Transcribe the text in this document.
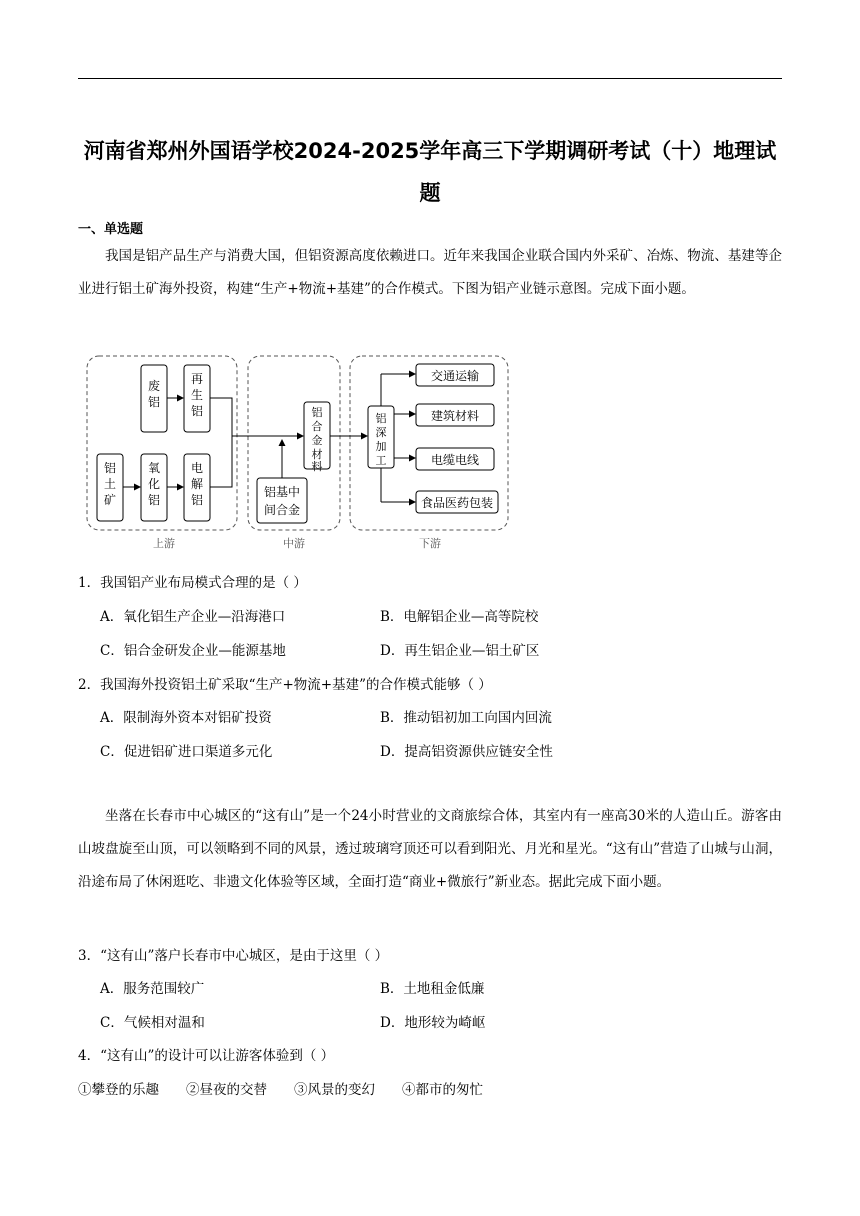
河南省郑州外国语学校2024-2025学年高三下学期调研考试（十）地理试题
一、单选题
我国是铝产品生产与消费大国，但铝资源高度依赖进口。近年来我国企业联合国内外采矿、冶炼、物流、基建等企业进行铝土矿海外投资，构建“生产+物流+基建”的合作模式。下图为铝产业链示意图。完成下面小题。
废
铝
再
生
铝
铝
土
矿
氧
化
铝
电
解
铝
铝
合
金
材
料
铝基中
间合金
铝
深
加
工
交通运输
建筑材料
电缆电线
食品医药包装
上游	中游	下游
1．我国铝产业布局模式合理的是（ ）
A．氧化铝生产企业—沿海港口	B．电解铝企业—高等院校
C．铝合金研发企业—能源基地	D．再生铝企业—铝土矿区
2．我国海外投资铝土矿采取“生产+物流+基建”的合作模式能够（ ）
A．限制海外资本对铝矿投资	B．推动铝初加工向国内回流
C．促进铝矿进口渠道多元化	D．提高铝资源供应链安全性
坐落在长春市中心城区的“这有山”是一个24小时营业的文商旅综合体，其室内有一座高30米的人造山丘。游客由山坡盘旋至山顶，可以领略到不同的风景，透过玻璃穹顶还可以看到阳光、月光和星光。“这有山”营造了山城与山洞，沿途布局了休闲逛吃、非遗文化体验等区域，全面打造“商业+微旅行”新业态。据此完成下面小题。
3．“这有山”落户长春市中心城区，是由于这里（ ）
A．服务范围较广	B．土地租金低廉
C．气候相对温和	D．地形较为崎岖
4．“这有山”的设计可以让游客体验到（ ）
①攀登的乐趣　　②昼夜的交替　　③风景的变幻　　④都市的匆忙
